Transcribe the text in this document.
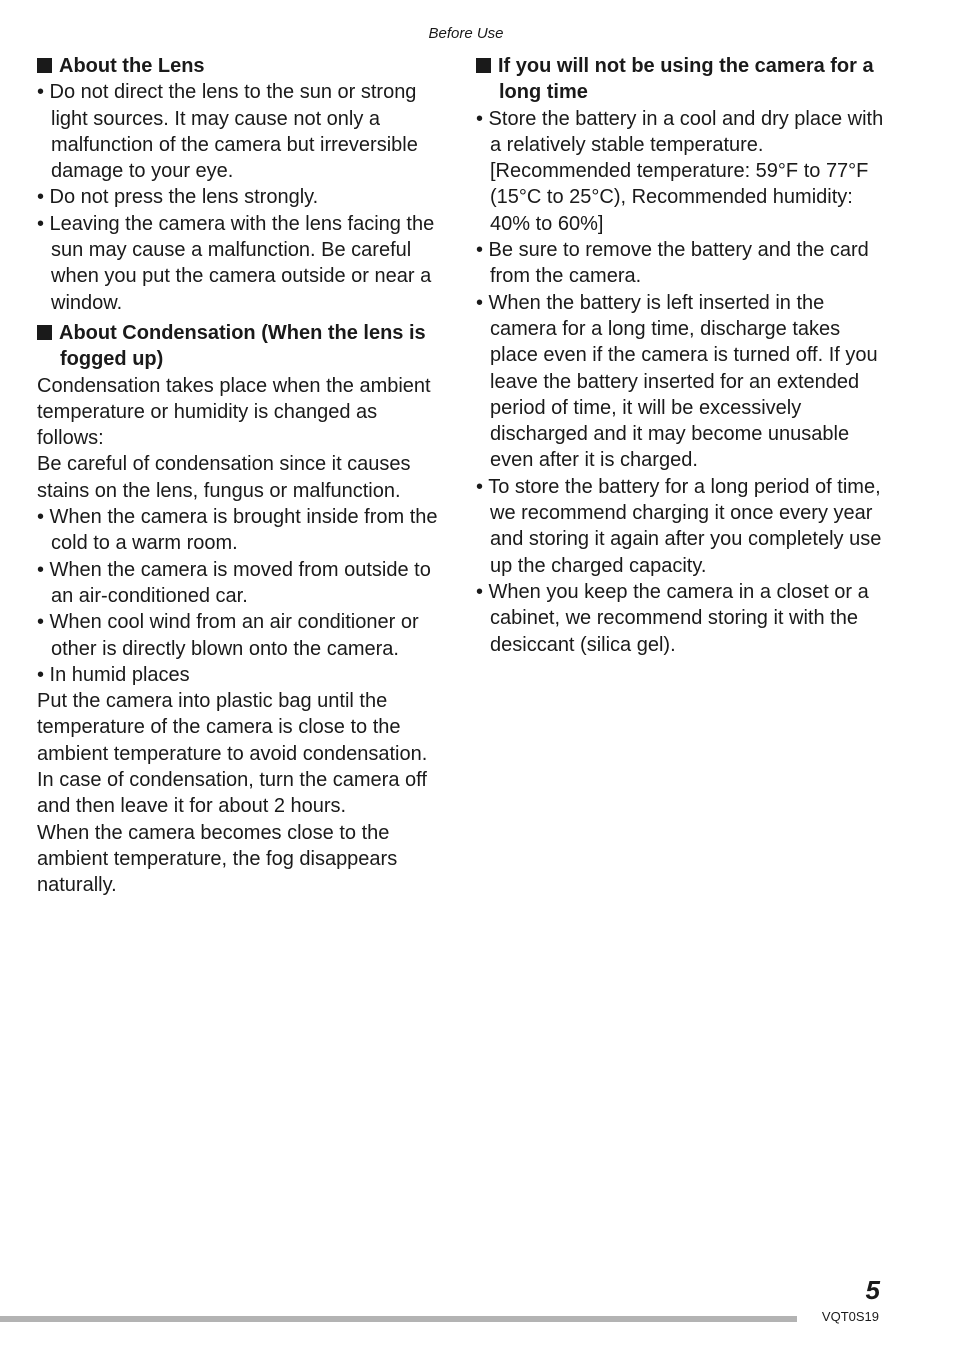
Before Use

About the Lens

• Do not direct the lens to the sun or strong light sources. It may cause not only a malfunction of the camera but irreversible damage to your eye.

• Do not press the lens strongly.

• Leaving the camera with the lens facing the sun may cause a malfunction. Be careful when you put the camera outside or near a window.

About Condensation (When the lens is fogged up)

Condensation takes place when the ambient temperature or humidity is changed as follows:

Be careful of condensation since it causes stains on the lens, fungus or malfunction.

• When the camera is brought inside from the cold to a warm room.

• When the camera is moved from outside to an air-conditioned car.

• When cool wind from an air conditioner or other is directly blown onto the camera.

• In humid places

Put the camera into plastic bag until the temperature of the camera is close to the ambient temperature to avoid condensation. In case of condensation, turn the camera off and then leave it for about 2 hours.

When the camera becomes close to the ambient temperature, the fog disappears naturally.

If you will not be using the camera for a long time

• Store the battery in a cool and dry place with a relatively stable temperature. [Recommended temperature: 59°F to 77°F (15°C to 25°C), Recommended humidity: 40% to 60%]

• Be sure to remove the battery and the card from the camera.

• When the battery is left inserted in the camera for a long time, discharge takes place even if the camera is turned off. If you leave the battery inserted for an extended period of time, it will be excessively discharged and it may become unusable even after it is charged.

• To store the battery for a long period of time, we recommend charging it once every year and storing it again after you completely use up the charged capacity.

• When you keep the camera in a closet or a cabinet, we recommend storing it with the desiccant (silica gel).

5
VQT0S19
